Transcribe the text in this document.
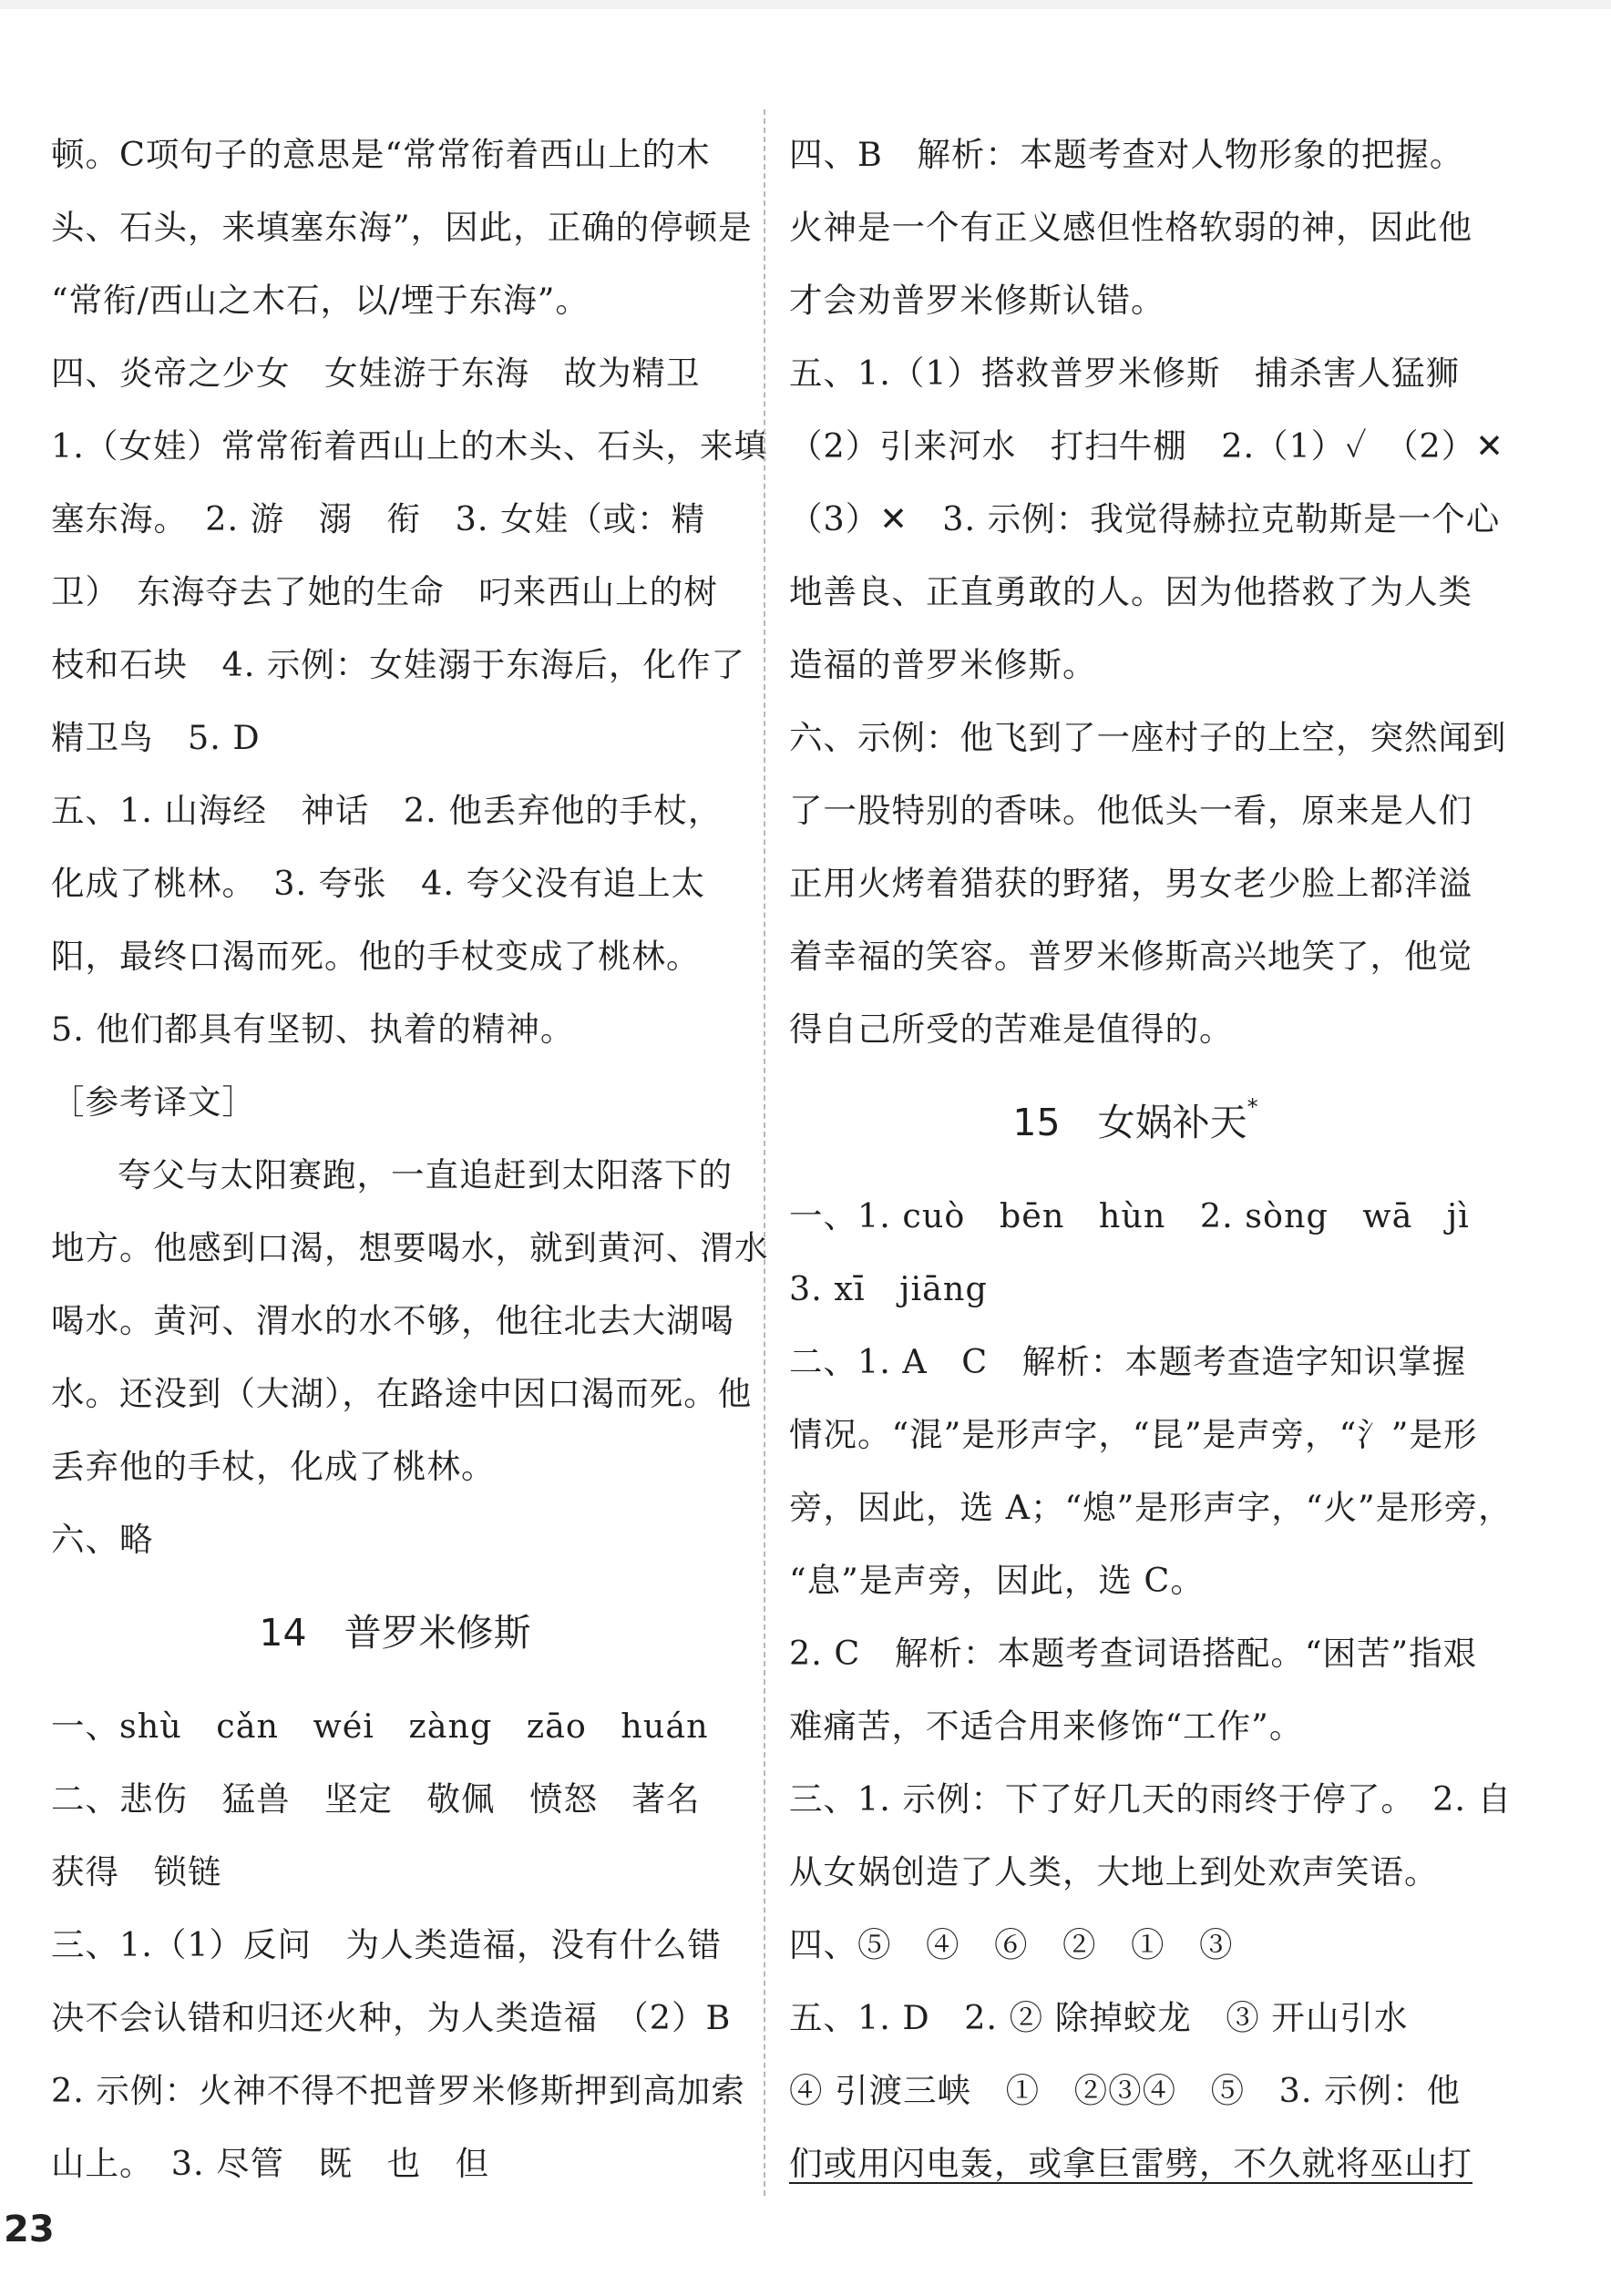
顿。C项句子的意思是“常常衔着西山上的木
头、石头，来填塞东海”，因此，正确的停顿是
“常衔/西山之木石，以/堙于东海”。
四、炎帝之少女　女娃游于东海　故为精卫
1.（女娃）常常衔着西山上的木头、石头，来填
塞东海。　2. 游　溺　衔　3. 女娃（或：精
卫）　东海夺去了她的生命　叼来西山上的树
枝和石块　4. 示例：女娃溺于东海后，化作了
精卫鸟　5. D
五、1. 山海经　神话　2. 他丢弃他的手杖，
化成了桃林。　3. 夸张　4. 夸父没有追上太
阳，最终口渴而死。他的手杖变成了桃林。
5. 他们都具有坚韧、执着的精神。
［参考译文］
夸父与太阳赛跑，一直追赶到太阳落下的
地方。他感到口渴，想要喝水，就到黄河、渭水
喝水。黄河、渭水的水不够，他往北去大湖喝
水。还没到（大湖），在路途中因口渴而死。他
丢弃他的手杖，化成了桃林。
六、略
14　普罗米修斯
一、shù　cǎn　wéi　zàng　zāo　huán
二、悲伤　猛兽　坚定　敬佩　愤怒　著名
获得　锁链
三、1.（1）反问　为人类造福，没有什么错
决不会认错和归还火种，为人类造福　（2）B
2. 示例：火神不得不把普罗米修斯押到高加索
山上。　3. 尽管　既　也　但
四、B　解析：本题考查对人物形象的把握。
火神是一个有正义感但性格软弱的神，因此他
才会劝普罗米修斯认错。
五、1.（1）搭救普罗米修斯　捕杀害人猛狮
（2）引来河水　打扫牛棚　2.（1）✓　（2）✕
（3）✕　3. 示例：我觉得赫拉克勒斯是一个心
地善良、正直勇敢的人。因为他搭救了为人类
造福的普罗米修斯。
六、示例：他飞到了一座村子的上空，突然闻到
了一股特别的香味。他低头一看，原来是人们
正用火烤着猎获的野猪，男女老少脸上都洋溢
着幸福的笑容。普罗米修斯高兴地笑了，他觉
得自己所受的苦难是值得的。
15　女娲补天*
一、1. cuò　bēn　hùn　2. sòng　wā　jì
3. xī　jiāng
二、1. A　C　解析：本题考查造字知识掌握
情况。“混”是形声字，“昆”是声旁，“氵”是形
旁，因此，选 A；“熄”是形声字，“火”是形旁，
“息”是声旁，因此，选 C。
2. C　解析：本题考查词语搭配。“困苦”指艰
难痛苦，不适合用来修饰“工作”。
三、1. 示例：下了好几天的雨终于停了。　2. 自
从女娲创造了人类，大地上到处欢声笑语。
四、⑤　④　⑥　②　①　③
五、1. D　2. ② 除掉蛟龙　③ 开山引水
④ 引渡三峡　①　②③④　⑤　3. 示例：他
们或用闪电轰，或拿巨雷劈，不久就将巫山打
23
